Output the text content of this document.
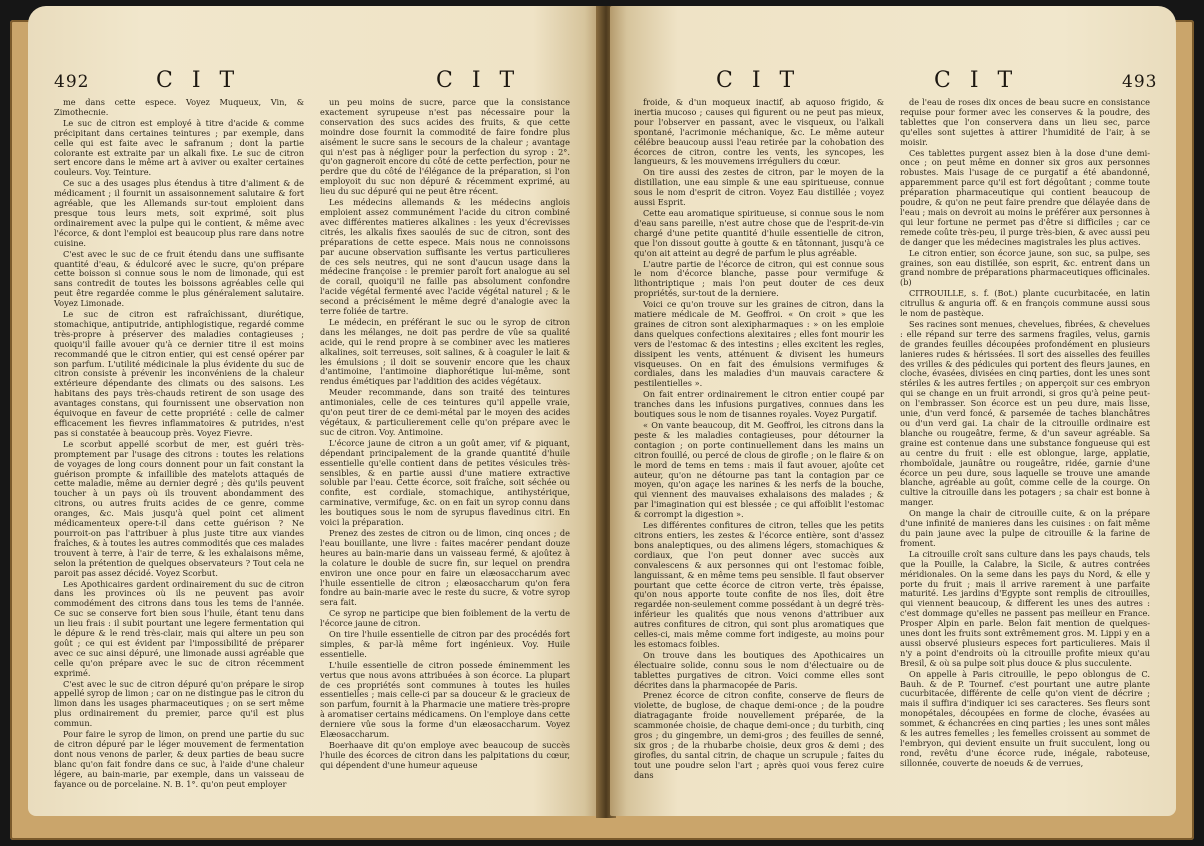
492	C I T	C I T

me dans cette espece. Voyez Muqueux, Vin, & Zimothecnie.

Le suc de citron est employé à titre d'acide & comme précipitant dans certaines teintures ; par exemple, dans celle qui est faite avec le safranum ; dont la partie colorante est extraite par un alkali fixe. Le suc de citron sert encore dans le même art à aviver ou exalter certaines couleurs. Voy. Teinture.

Ce suc a des usages plus étendus à titre d'aliment & de médicament ; il fournit un assaisonnement salutaire & fort agréable, que les Allemands sur-tout emploient dans presque tous leurs mets, soit exprimé, soit plus ordinairement avec la pulpe qui le contient, & même avec l'écorce, & dont l'emploi est beaucoup plus rare dans notre cuisine.

C'est avec le suc de ce fruit étendu dans une suffisante quantité d'eau, & édulcoré avec le sucre, qu'on prépare cette boisson si connue sous le nom de limonade, qui est sans contredit de toutes les boissons agréables celle qui peut être regardée comme le plus généralement salutaire. Voyez Limonade.

Le suc de citron est rafraîchissant, diurétique, stomachique, antiputride, antiphlogistique, regardé comme très-propre à préserver des maladies contagieuses ; quoiqu'il faille avouer qu'à ce dernier titre il est moins recommandé que le citron entier, qui est censé opérer par son parfum. L'utilité médicinale la plus évidente du suc de citron consiste à prévenir les inconvéniens de la chaleur extérieure dépendante des climats ou des saisons. Les habitans des pays très-chauds retirent de son usage des avantages constans, qui fournissent une observation non équivoque en faveur de cette propriété : celle de calmer efficacement les fievres inflammatoires & putrides, n'est pas si constatée à beaucoup près. Voyez Fievre.

Le scorbut appellé scorbut de mer, est guéri très-promptement par l'usage des citrons : toutes les relations de voyages de long cours donnent pour un fait constant la guérison prompte & infaillible des matelots attaqués de cette maladie, même au dernier degré ; dès qu'ils peuvent toucher à un pays où ils trouvent abondamment des citrons, ou autres fruits acides de ce genre, comme oranges, &c. Mais jusqu'à quel point cet aliment médicamenteux opere-t-il dans cette guérison ? Ne pourroit-on pas l'attribuer à plus juste titre aux viandes fraîches, & à toutes les autres commodités que ces malades trouvent à terre, à l'air de terre, & les exhalaisons même, selon la prétention de quelques observateurs ? Tout cela ne paroit pas assez décidé. Voyez Scorbut.

Les Apothicaires gardent ordinairement du suc de citron dans les provinces où ils ne peuvent pas avoir commodément des citrons dans tous les tems de l'année. Ce suc se conserve fort bien sous l'huile, étant tenu dans un lieu frais : il subit pourtant une legere fermentation qui le dépure & le rend très-clair, mais qui altere un peu son goût ; ce qui est évident par l'impossibilité de préparer avec ce suc ainsi dépuré, une limonade aussi agréable que celle qu'on prépare avec le suc de citron récemment exprimé.

C'est avec le suc de citron dépuré qu'on prépare le sirop appellé syrop de limon ; car on ne distingue pas le citron du limon dans les usages pharmaceutiques ; on se sert même plus ordinairement du premier, parce qu'il est plus commun.

Pour faire le syrop de limon, on prend une partie du suc de citron dépuré par le léger mouvement de fermentation dont nous venons de parler, & deux parties de beau sucre blanc qu'on fait fondre dans ce suc, à l'aide d'une chaleur légere, au bain-marie, par exemple, dans un vaisseau de fayance ou de porcelaine. N. B. 1°. qu'on peut employer

un peu moins de sucre, parce que la consistance exactement syrupeuse n'est pas nécessaire pour la conservation des sucs acides des fruits, & que cette moindre dose fournit la commodité de faire fondre plus aisément le sucre sans le secours de la chaleur ; avantage qui n'est pas à négliger pour la perfection du syrop : 2°. qu'on gagneroit encore du côté de cette perfection, pour ne perdre que du côté de l'élégance de la préparation, si l'on employoit du suc non dépuré & récemment exprimé, au lieu du suc dépuré qui ne peut être récent.

Les médecins allemands & les médecins anglois emploient assez communément l'acide du citron combiné avec différentes matieres alkalines : les yeux d'écrevisses citrés, les alkalis fixes saoulés de suc de citron, sont des préparations de cette espece. Mais nous ne connoissons par aucune observation suffisante les vertus particulieres de ces sels neutres, qui ne sont d'aucun usage dans la médecine françoise : le premier paroît fort analogue au sel de corail, quoiqu'il ne faille pas absolument confondre l'acide végétal fermenté avec l'acide végétal naturel ; & le second a précisément le même degré d'analogie avec la terre foliée de tartre.

Le médecin, en préférant le suc ou le syrop de citron dans les mélanges, ne doit pas perdre de vûe sa qualité acide, qui le rend propre à se combiner avec les matieres alkalines, soit terreuses, soit salines, & à coaguler le lait & les émulsions ; il doit se souvenir encore que les chaux d'antimoine, l'antimoine diaphorétique lui-même, sont rendus émétiques par l'addition des acides végétaux.

Meuder recommande, dans son traité des teintures antimoniales, celle de ces teintures qu'il appelle vraie, qu'on peut tirer de ce demi-métal par le moyen des acides végétaux, & particulierement celle qu'on prépare avec le suc de citron. Voy. Antimoine.

L'écorce jaune de citron a un goût amer, vif & piquant, dépendant principalement de la grande quantité d'huile essentielle qu'elle contient dans de petites vésicules très-sensibles, & en partie aussi d'une matiere extractive soluble par l'eau. Cette écorce, soit fraîche, soit séchée ou confite, est cordiale, stomachique, antihystérique, carminative, vermifuge, &c. on en fait un syrop connu dans les boutiques sous le nom de syrupus flavedinus citri. En voici la préparation.

Prenez des zestes de citron ou de limon, cinq onces ; de l'eau bouillante, une livre : faites macérer pendant douze heures au bain-marie dans un vaisseau fermé, & ajoûtez à la colature le double de sucre fin, sur lequel on prendra environ une once pour en faire un elæosaccharum avec l'huile essentielle de citron ; elæosaccharum qu'on fera fondre au bain-marie avec le reste du sucre, & votre syrop sera fait.

Ce syrop ne participe que bien foiblement de la vertu de l'écorce jaune de citron.

On tire l'huile essentielle de citron par des procédés fort simples, & par-là même fort ingénieux. Voy. Huile essentielle.

L'huile essentielle de citron possede éminemment les vertus que nous avons attribuées à son écorce. La plupart de ces propriétés sont communes à toutes les huiles essentielles ; mais celle-ci par sa douceur & le gracieux de son parfum, fournit à la Pharmacie une matiere très-propre à aromatiser certains médicamens. On l'employe dans cette derniere vûe sous la forme d'un elæosaccharum. Voyez Elæosaccharum.

Boerhaave dit qu'on employe avec beaucoup de succès l'huile des écorces de citron dans les palpitations du cœur, qui dépendent d'une humeur aqueuse

C I T	C I T	493

froide, & d'un moqueux inactif, ab aquoso frigido, & inertia mucoso ; causes qui figurent ou ne peut pas mieux, pour l'observer en passant, avec le visqueux, ou l'alkali spontané, l'acrimonie méchanique, &c. Le même auteur célébre beaucoup aussi l'eau retirée par la cohobation des écorces de citron, contre les vents, les syncopes, les langueurs, & les mouvemens irréguliers du cœur.

On tire aussi des zestes de citron, par le moyen de la distillation, une eau simple & une eau spiritueuse, connue sous le nom d'esprit de citron. Voyez Eau distillée ; voyez aussi Esprit.

Cette eau aromatique spiritueuse, si connue sous le nom d'eau sans pareille, n'est autre chose que de l'esprit-de-vin chargé d'une petite quantité d'huile essentielle de citron, que l'on dissout goutte à goutte & en tâtonnant, jusqu'à ce qu'on ait atteint au degré de parfum le plus agréable.

L'autre partie de l'écorce de citron, qui est connue sous le nom d'écorce blanche, passe pour vermifuge & lithontriptique ; mais l'on peut douter de ces deux propriétés, sur-tout de la derniere.

Voici ce qu'on trouve sur les graines de citron, dans la matiere médicale de M. Geoffroi. « On croit » que les graines de citron sont alexipharmaques : » on les emploie dans quelques confections alexitaires ; elles font mourir les vers de l'estomac & des intestins ; elles excitent les regles, dissipent les vents, atténuent & divisent les humeurs visqueuses. On en fait des émulsions vermifuges & cordiales, dans les maladies d'un mauvais caractere & pestilentielles ».

On fait entrer ordinairement le citron entier coupé par tranches dans les infusions purgatives, connues dans les boutiques sous le nom de tisannes royales. Voyez Purgatif.

« On vante beaucoup, dit M. Geoffroi, les citrons dans la peste & les maladies contagieuses, pour détourner la contagion ; on porte continuellement dans les mains un citron fouillé, ou percé de clous de girofle ; on le flaire & on le mord de tems en tems : mais il faut avouer, ajoûte cet auteur, qu'on ne détourne pas tant la contagion par ce moyen, qu'on agaçe les narines & les nerfs de la bouche, qui viennent des mauvaises exhalaisons des malades ; & par l'imagination qui est blessée ; ce qui affoiblit l'estomac & corrompt la digestion ».

Les différentes confitures de citron, telles que les petits citrons entiers, les zestes & l'écorce entière, sont d'assez bons analeptiques, ou des alimens légers, stomachiques & cordiaux, que l'on peut donner avec succès aux convalescens & aux personnes qui ont l'estomac foible, languissant, & en même tems peu sensible. Il faut observer pourtant que cette écorce de citron verte, très épaisse, qu'on nous apporte toute confite de nos îles, doit être regardée non-seulement comme possédant à un degré très-inférieur les qualités que nous venons d'attribuer aux autres confitures de citron, qui sont plus aromatiques que celles-ci, mais même comme fort indigeste, au moins pour les estomacs foibles.

On trouve dans les boutiques des Apothicaires un électuaire solide, connu sous le nom d'électuaire ou de tablettes purgatives de citron. Voici comme elles sont décrites dans la pharmacopée de Paris.

Prenez écorce de citron confite, conserve de fleurs de violette, de buglose, de chaque demi-once ; de la poudre diatragagante froide nouvellement préparée, de la scammonée choisie, de chaque demi-once ; du turbith, cinq gros ; du gingembre, un demi-gros ; des feuilles de senné, six gros ; de la rhubarbe choisie, deux gros & demi ; des girofles, du santal citrin, de chaque un scrupule ; faites du tout une poudre selon l'art ; après quoi vous ferez cuire dans

de l'eau de roses dix onces de beau sucre en consistance requise pour former avec les conserves & la poudre, des tablettes que l'on conservera dans un lieu sec, parce qu'elles sont sujettes à attirer l'humidité de l'air, à se moisir.

Ces tablettes purgent assez bien à la dose d'une demi-once ; on peut même en donner six gros aux personnes robustes. Mais l'usage de ce purgatif a été abandonné, apparemment parce qu'il est fort dégoûtant ; comme toute préparation pharmaceutique qui contient beaucoup de poudre, & qu'on ne peut faire prendre que délayée dans de l'eau ; mais on devroit au moins le préférer aux personnes à qui leur fortune ne permet pas d'être si difficiles ; car ce remede coûte très-peu, il purge très-bien, & avec aussi peu de danger que les médecines magistrales les plus actives.

Le citron entier, son écorce jaune, son suc, sa pulpe, ses graines, son eau distillée, son esprit, &c. entrent dans un grand nombre de préparations pharmaceutiques officinales. (b)

CITROUILLE, s. f. (Bot.) plante cucurbitacée, en latin citrullus & anguria off. & en françois commune aussi sous le nom de pastèque.

Ses racines sont menues, chevelues, fibrées, & chevelues : elle répand sur terre des sarmens fragiles, velus, garnis de grandes feuilles découpées profondément en plusieurs lanieres rudes & hérissées. Il sort des aisselles des feuilles des vrilles & des pédicules qui portent des fleurs jaunes, en cloche, évasées, divisées en cinq parties, dont les unes sont stériles & les autres fertiles ; on apperçoit sur ces embryon qui se change en un fruit arrondi, si gros qu'à peine peut-on l'embrasser. Son écorce est un peu dure, mais lisse, unie, d'un verd foncé, & parsemée de taches blanchâtres ou d'un verd gai. La chair de la citrouille ordinaire est blanche ou rougeâtre, ferme, & d'un saveur agréable. Sa graine est contenue dans une substance fongueuse qui est au centre du fruit : elle est oblongue, large, applatie, rhomboïdale, jaunâtre ou rougeâtre, ridée, garnie d'une écorce un peu dure, sous laquelle se trouve une amande blanche, agréable au goût, comme celle de la courge. On cultive la citrouille dans les potagers ; sa chair est bonne à manger.

On mange la chair de citrouille cuite, & on la prépare d'une infinité de manieres dans les cuisines : on fait même du pain jaune avec la pulpe de citrouille & la farine de froment.

La citrouille croît sans culture dans les pays chauds, tels que la Pouille, la Calabre, la Sicile, & autres contrées méridionales. On la seme dans les pays du Nord, & elle y porte du fruit ; mais il arrive rarement à une parfaite maturité. Les jardins d'Egypte sont remplis de citrouilles, qui viennent beaucoup, & different les unes des autres : c'est dommage qu'elles ne passent pas meilleur en France. Prosper Alpin en parle. Belon fait mention de quelques-unes dont les fruits sont extrêmement gros. M. Lippi y en a aussi observé plusieurs especes fort particulieres. Mais il n'y a point d'endroits où la citrouille profite mieux qu'au Bresil, & où sa pulpe soit plus douce & plus succulente.

On appelle à Paris citrouille, le pepo oblongus de C. Bauh. & de P. Tournef. c'est pourtant une autre plante cucurbitacée, différente de celle qu'on vient de décrire ; mais il suffira d'indiquer ici ses caracteres. Ses fleurs sont monopétales, découpées en forme de cloche, évasées au sommet, & échancrées en cinq parties ; les unes sont mâles & les autres femelles ; les femelles croissent au sommet de l'embryon, qui devient ensuite un fruit succulent, long ou rond, revêtu d'une écorce rude, inégale, raboteuse, sillonnée, couverte de noeuds & de verrues,
